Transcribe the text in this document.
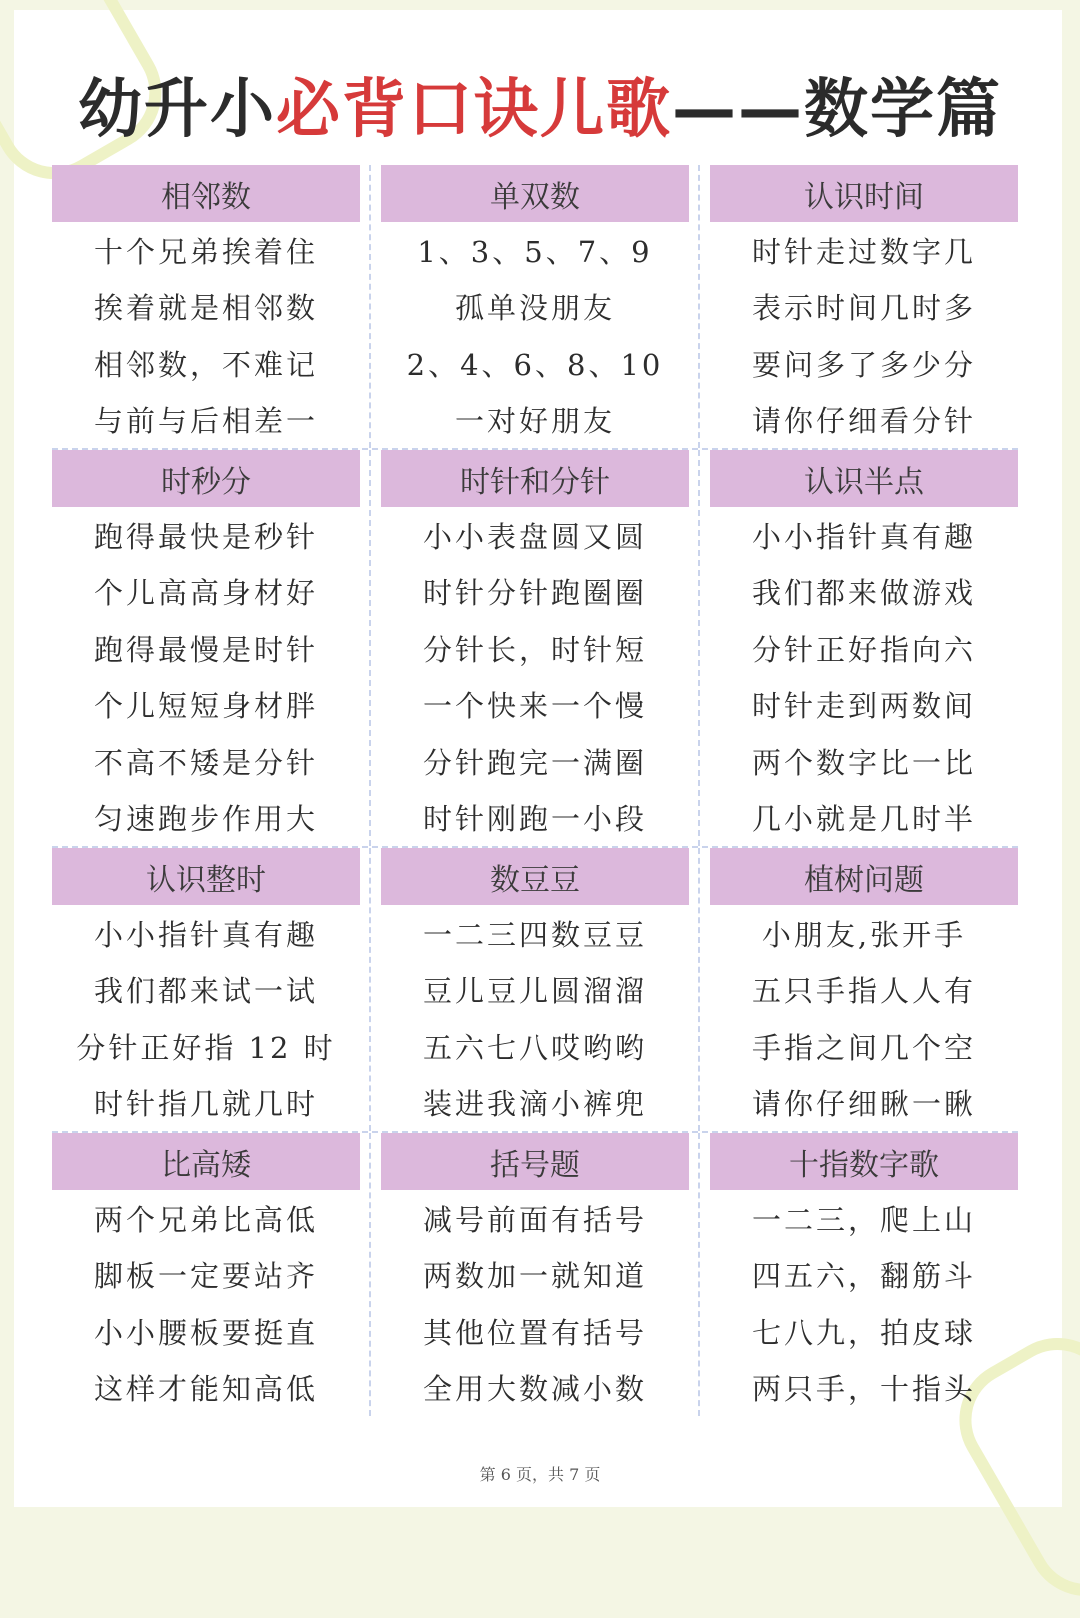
幼升小必背口诀儿歌——数学篇
相邻数
十个兄弟挨着住
挨着就是相邻数
相邻数，不难记
与前与后相差一
单双数
1、3、5、7、9
孤单没朋友
2、4、6、8、10
一对好朋友
认识时间
时针走过数字几
表示时间几时多
要问多了多少分
请你仔细看分针
时秒分
跑得最快是秒针
个儿高高身材好
跑得最慢是时针
个儿短短身材胖
不高不矮是分针
匀速跑步作用大
时针和分针
小小表盘圆又圆
时针分针跑圈圈
分针长，时针短
一个快来一个慢
分针跑完一满圈
时针刚跑一小段
认识半点
小小指针真有趣
我们都来做游戏
分针正好指向六
时针走到两数间
两个数字比一比
几小就是几时半
认识整时
小小指针真有趣
我们都来试一试
分针正好指 12 时
时针指几就几时
数豆豆
一二三四数豆豆
豆儿豆儿圆溜溜
五六七八哎哟哟
装进我滴小裤兜
植树问题
小朋友,张开手
五只手指人人有
手指之间几个空
请你仔细瞅一瞅
比高矮
两个兄弟比高低
脚板一定要站齐
小小腰板要挺直
这样才能知高低
括号题
减号前面有括号
两数加一就知道
其他位置有括号
全用大数减小数
十指数字歌
一二三，爬上山
四五六，翻筋斗
七八九，拍皮球
两只手，十指头
第 6 页，共 7 页
